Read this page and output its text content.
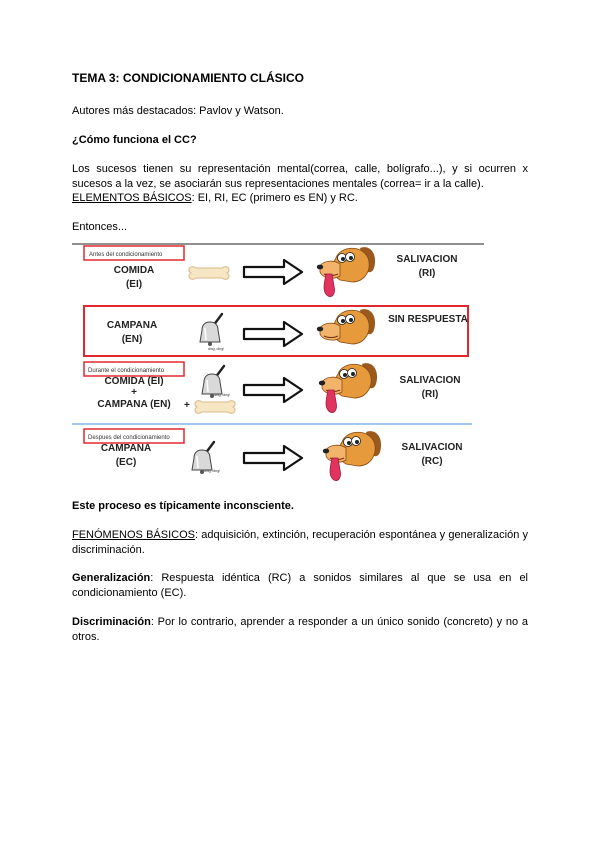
TEMA 3: CONDICIONAMIENTO CLÁSICO
Autores más destacados: Pavlov y Watson.
¿Cómo funciona el CC?
Los sucesos tienen su representación mental(correa, calle, bolígrafo...), y si ocurren x sucesos a la vez, se asociarán sus representaciones mentales (correa= ir a la calle).
ELEMENTOS BÁSICOS: EI, RI, EC (primero es EN) y RC.
Entonces...
Antes del condicionamiento
COMIDA
(EI)
SALIVACION
(RI)
CAMPANA
(EN)
ding, ding!
SIN RESPUESTA
Durante el condicionamiento
COMIDA (EI)
+
CAMPANA (EN)
ding, ding!
+
SALIVACION
(RI)
Despues del condicionamiento
CAMPANA
(EC)
ding, ding!
SALIVACION
(RC)
Este proceso es típicamente inconsciente.
FENÓMENOS BÁSICOS: adquisición, extinción, recuperación espontánea y generalización y discriminación.
Generalización: Respuesta idéntica (RC) a sonidos similares al que se usa en el condicionamiento (EC).
Discriminación: Por lo contrario, aprender a responder a un único sonido (concreto) y no a otros.
